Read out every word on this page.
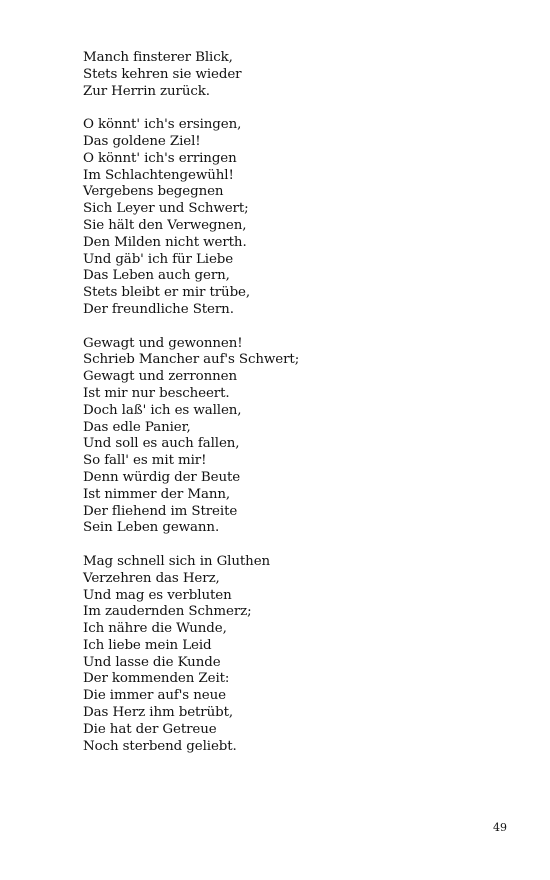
Manch finsterer Blick,
Stets kehren sie wieder
Zur Herrin zurück.
O könnt' ich's ersingen,
Das goldene Ziel!
O könnt' ich's erringen
Im Schlachtengewühl!
Vergebens begegnen
Sich Leyer und Schwert;
Sie hält den Verwegnen,
Den Milden nicht werth.
Und gäb' ich für Liebe
Das Leben auch gern,
Stets bleibt er mir trübe,
Der freundliche Stern.
Gewagt und gewonnen!
Schrieb Mancher auf's Schwert;
Gewagt und zerronnen
Ist mir nur bescheert.
Doch laß' ich es wallen,
Das edle Panier,
Und soll es auch fallen,
So fall' es mit mir!
Denn würdig der Beute
Ist nimmer der Mann,
Der fliehend im Streite
Sein Leben gewann.
Mag schnell sich in Gluthen
Verzehren das Herz,
Und mag es verbluten
Im zaudernden Schmerz;
Ich nähre die Wunde,
Ich liebe mein Leid
Und lasse die Kunde
Der kommenden Zeit:
Die immer auf's neue
Das Herz ihm betrübt,
Die hat der Getreue
Noch sterbend geliebt.
49
